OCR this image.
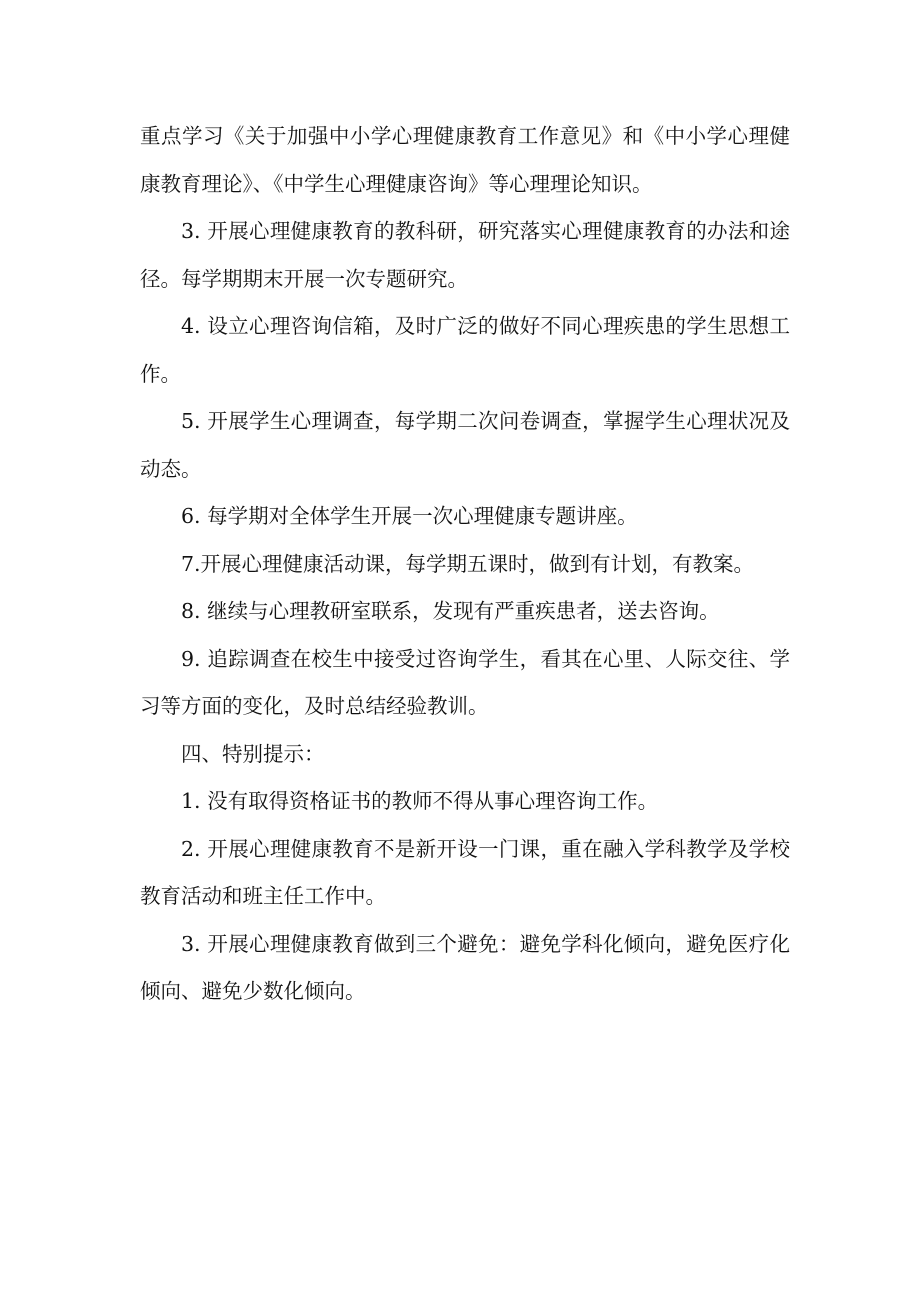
重点学习《关于加强中小学心理健康教育工作意见》和《中小学心理健康教育理论》、《中学生心理健康咨询》等心理理论知识。

3. 开展心理健康教育的教科研，研究落实心理健康教育的办法和途径。每学期期末开展一次专题研究。

4. 设立心理咨询信箱，及时广泛的做好不同心理疾患的学生思想工作。

5. 开展学生心理调查，每学期二次问卷调查，掌握学生心理状况及动态。

6. 每学期对全体学生开展一次心理健康专题讲座。

7.开展心理健康活动课，每学期五课时，做到有计划，有教案。

8. 继续与心理教研室联系，发现有严重疾患者，送去咨询。

9. 追踪调查在校生中接受过咨询学生，看其在心里、人际交往、学习等方面的变化，及时总结经验教训。

四、特别提示：

1. 没有取得资格证书的教师不得从事心理咨询工作。

2. 开展心理健康教育不是新开设一门课，重在融入学科教学及学校教育活动和班主任工作中。

3. 开展心理健康教育做到三个避免：避免学科化倾向，避免医疗化倾向、避免少数化倾向。
